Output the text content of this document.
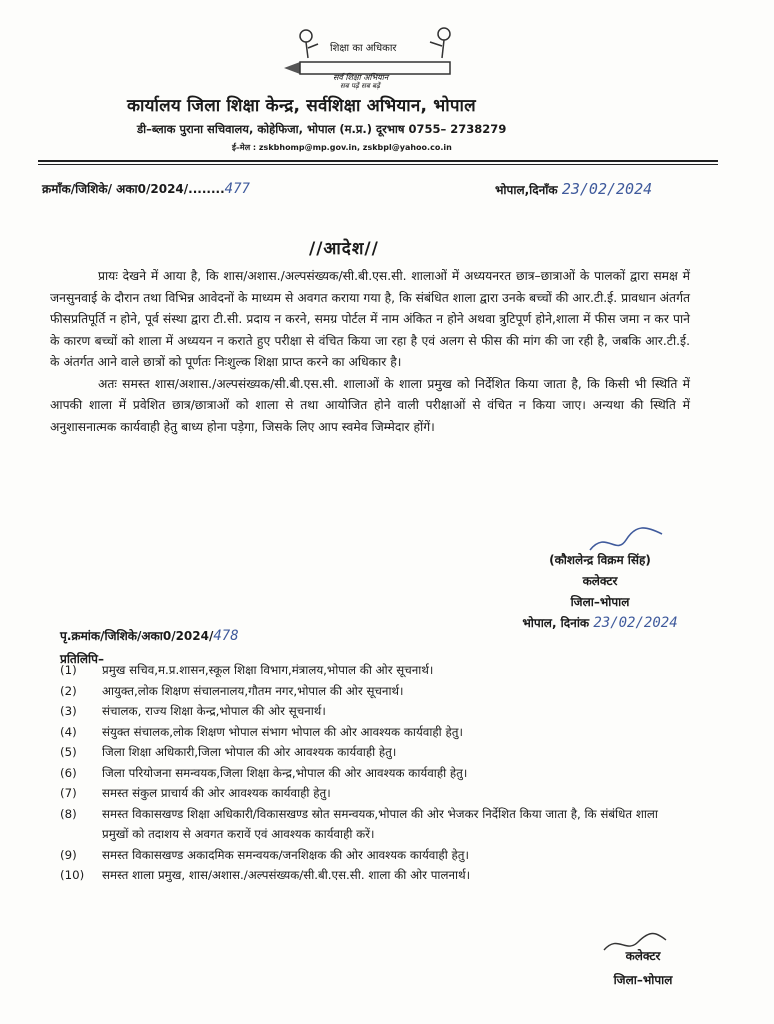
शिक्षा का अधिकार
सर्व शिक्षा अभियान
सब पढ़ें सब बढ़ें
कार्यालय जिला शिक्षा केन्द्र, सर्वशिक्षा अभियान, भोपाल
डी–ब्लाक पुराना सचिवालय, कोहेफिजा, भोपाल (म.प्र.) दूरभाष 0755– 2738279
ई–मेल : zskbhomp@mp.gov.in, zskbpl@yahoo.co.in
क्रमाँक/जिशिके/ अका0/2024/........477	भोपाल,दिनाँक 23/02/2024
//आदेश//

प्रायः देखने में आया है, कि शास/अशास./अल्पसंख्यक/सी.बी.एस.सी. शालाओं में अध्ययनरत छात्र–छात्राओं के पालकों द्वारा समक्ष में जनसुनवाई के दौरान तथा विभिन्न आवेदनों के माध्यम से अवगत कराया गया है, कि संबंधित शाला द्वारा उनके बच्चों की आर.टी.ई. प्रावधान अंतर्गत फीसप्रतिपूर्ति न होने, पूर्व संस्था द्वारा टी.सी. प्रदाय न करने, समग्र पोर्टल में नाम अंकित न होने अथवा त्रुटिपूर्ण होने,शाला में फीस जमा न कर पाने के कारण बच्चों को शाला में अध्ययन न कराते हुए परीक्षा से वंचित किया जा रहा है एवं अलग से फीस की मांग की जा रही है, जबकि आर.टी.ई. के अंतर्गत आने वाले छात्रों को पूर्णतः निःशुल्क शिक्षा प्राप्त करने का अधिकार है।

अतः समस्त शास/अशास./अल्पसंख्यक/सी.बी.एस.सी. शालाओं के शाला प्रमुख को निर्देशित किया जाता है, कि किसी भी स्थिति में आपकी शाला में प्रवेशित छात्र/छात्राओं को शाला से तथा आयोजित होने वाली परीक्षाओं से वंचित न किया जाए। अन्यथा की स्थिति में अनुशासनात्मक कार्यवाही हेतु बाध्य होना पड़ेगा, जिसके लिए आप स्वमेव जिम्मेदार होंगें।

(कौशलेन्द्र विक्रम सिंह)
कलेक्टर
जिला–भोपाल
भोपाल, दिनांक 23/02/2024
पृ.क्रमांक/जिशिके/अका0/2024/478
प्रतिलिपि–
(1) प्रमुख सचिव,म.प्र.शासन,स्कूल शिक्षा विभाग,मंत्रालय,भोपाल की ओर सूचनार्थ।
(2) आयुक्त,लोक शिक्षण संचालनालय,गौतम नगर,भोपाल की ओर सूचनार्थ।
(3) संचालक, राज्य शिक्षा केन्द्र,भोपाल की ओर सूचनार्थ।
(4) संयुक्त संचालक,लोक शिक्षण भोपाल संभाग भोपाल की ओर आवश्यक कार्यवाही हेतु।
(5) जिला शिक्षा अधिकारी,जिला भोपाल की ओर आवश्यक कार्यवाही हेतु।
(6) जिला परियोजना समन्वयक,जिला शिक्षा केन्द्र,भोपाल की ओर आवश्यक कार्यवाही हेतु।
(7) समस्त संकुल प्राचार्य की ओर आवश्यक कार्यवाही हेतु।
(8) समस्त विकासखण्ड शिक्षा अधिकारी/विकासखण्ड स्रोत समन्वयक,भोपाल की ओर भेजकर निर्देशित किया जाता है, कि संबंधित शाला प्रमुखों को तदाशय से अवगत करावें एवं आवश्यक कार्यवाही करें।
(9) समस्त विकासखण्ड अकादमिक समन्वयक/जनशिक्षक की ओर आवश्यक कार्यवाही हेतु।
(10) समस्त शाला प्रमुख, शास/अशास./अल्पसंख्यक/सी.बी.एस.सी. शाला की ओर पालनार्थ।
कलेक्टर
जिला–भोपाल
